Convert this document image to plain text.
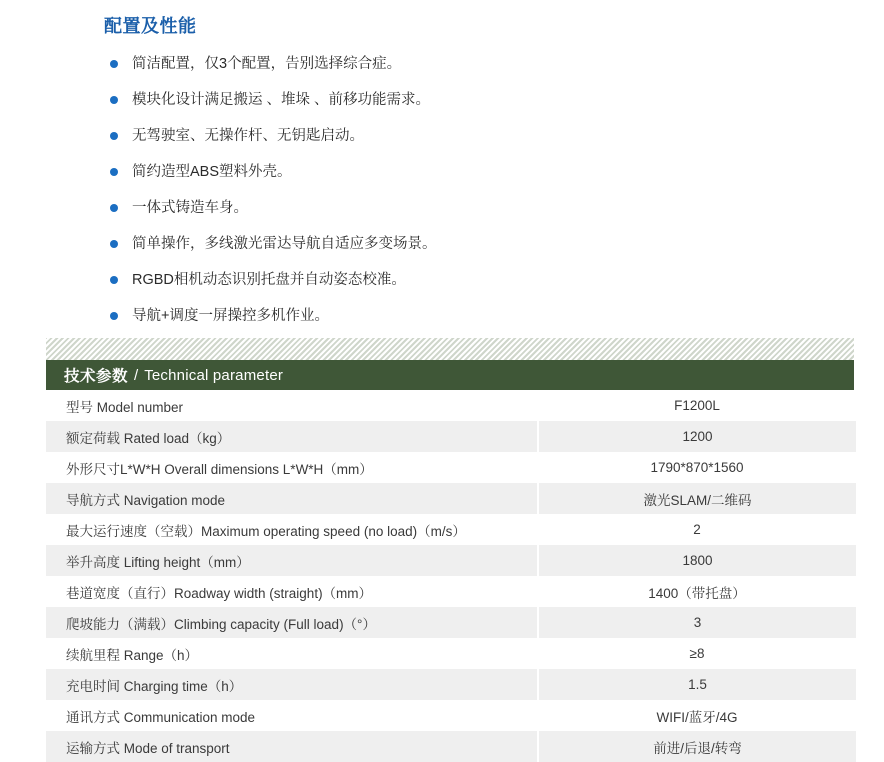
配置及性能
简洁配置，仅3个配置，告别选择综合症。
模块化设计满足搬运 、堆垛 、前移功能需求。
无驾驶室、无操作杆、无钥匙启动。
简约造型ABS塑料外壳。
一体式铸造车身。
简单操作，多线激光雷达导航自适应多变场景。
RGBD相机动态识别托盘并自动姿态校准。
导航+调度一屏操控多机作业。
技术参数 / Technical parameter
型号 Model number	F1200L
额定荷载 Rated load（kg）	1200
外形尺寸L*W*H Overall dimensions L*W*H（mm）	1790*870*1560
导航方式 Navigation mode	激光SLAM/二维码
最大运行速度（空载）Maximum operating speed (no load)（m/s）	2
举升高度 Lifting height（mm）	1800
巷道宽度（直行）Roadway width (straight)（mm）	1400（带托盘）
爬坡能力（满载）Climbing capacity (Full load)（°）	3
续航里程 Range（h）	≥8
充电时间 Charging time（h）	1.5
通讯方式 Communication mode	WIFI/蓝牙/4G
运输方式 Mode of transport	前进/后退/转弯
